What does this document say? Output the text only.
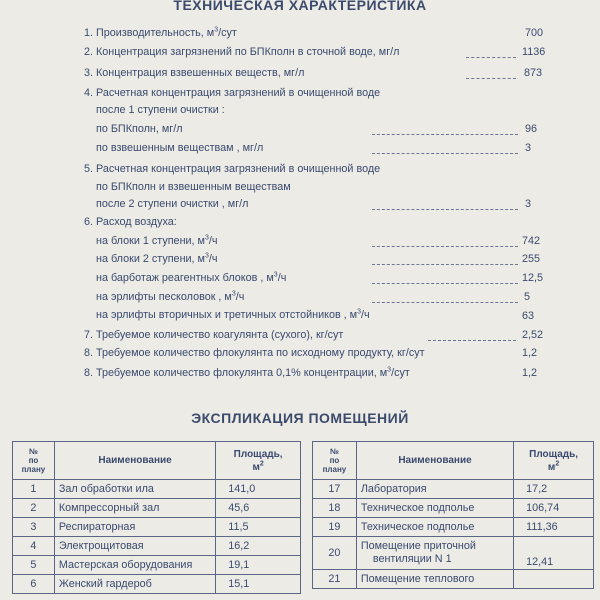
ТЕХНИЧЕСКАЯ ХАРАКТЕРИСТИКА
1. Производительность, $м^3$/сут	700
2. Концентрация загрязнений по БПКполн в сточной воде, мг/л	1136
3. Концентрация взвешенных веществ, мг/л	873
4. Расчетная концентрация загрязнений в очищенной воде
после 1 ступени очистки :
по БПКполн, мг/л	96
по взвешенным веществам , мг/л	3
5. Расчетная концентрация загрязнений в очищенной воде
по БПКполн и взвешенным веществам
после 2 ступени очистки , мг/л	3
6. Расход воздуха:
на блоки 1 ступени, $м^3/ч$	742
на блоки 2 ступени, $м^3/ч$	255
на барботаж реагентных блоков , $м^3/ч$	12,5
на эрлифты песколовок , $м^3/ч$	5
на эрлифты вторичных и третичных отстойников , $м^3/ч$	63
7. Требуемое количество коагулянта (сухого), кг/сут	2,52
8. Требуемое количество флокулянта по исходному продукту, кг/сут	1,2
8. Требуемое количество флокулянта 0,1% концентрации, $м^3$/сут	1,2
ЭКСПЛИКАЦИЯ ПОМЕЩЕНИЙ
№
по
плану	Наименование	Площадь,
$м^2$
1	Зал обработки ила	141,0
2	Компрессорный зал	45,6
3	Респираторная	11,5
4	Электрощитовая	16,2
5	Мастерская оборудования	19,1
6	Женский гардероб	15,1
№
по
плану	Наименование	Площадь,
$м^2$
17	Лаборатория	17,2
18	Техническое подполье	106,74
19	Техническое подполье	111,36
20	Помещение приточной
вентиляции N 1	12,41
21	Помещение теплового	
